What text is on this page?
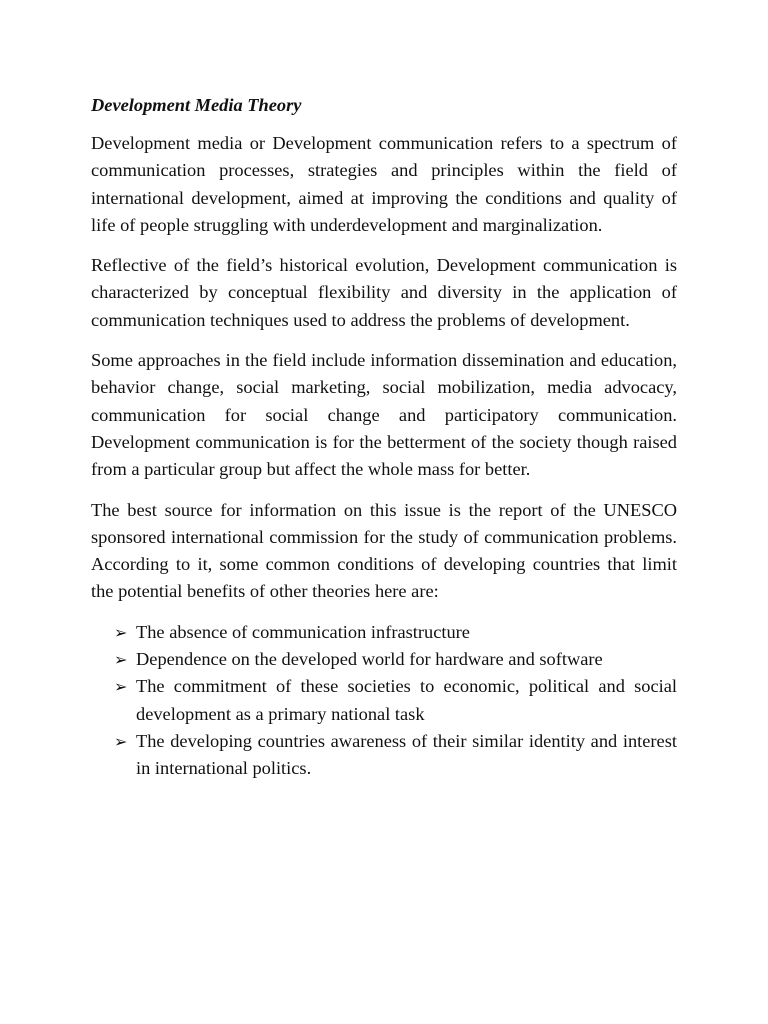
Development Media Theory

Development media or Development communication refers to a spectrum of communication processes, strategies and principles within the field of international development, aimed at improving the conditions and quality of life of people struggling with underdevelopment and marginalization.

Reflective of the field’s historical evolution, Development communication is characterized by conceptual flexibility and diversity in the application of communication techniques used to address the problems of development.

Some approaches in the field include information dissemination and education, behavior change, social marketing, social mobilization, media advocacy, communication for social change and participatory communication. Development communication is for the betterment of the society though raised from a particular group but affect the whole mass for better.

The best source for information on this issue is the report of the UNESCO sponsored international commission for the study of communication problems. According to it, some common conditions of developing countries that limit the potential benefits of other theories here are:

➢ The absence of communication infrastructure
➢ Dependence on the developed world for hardware and software
➢ The commitment of these societies to economic, political and social development as a primary national task
➢ The developing countries awareness of their similar identity and interest in international politics.
